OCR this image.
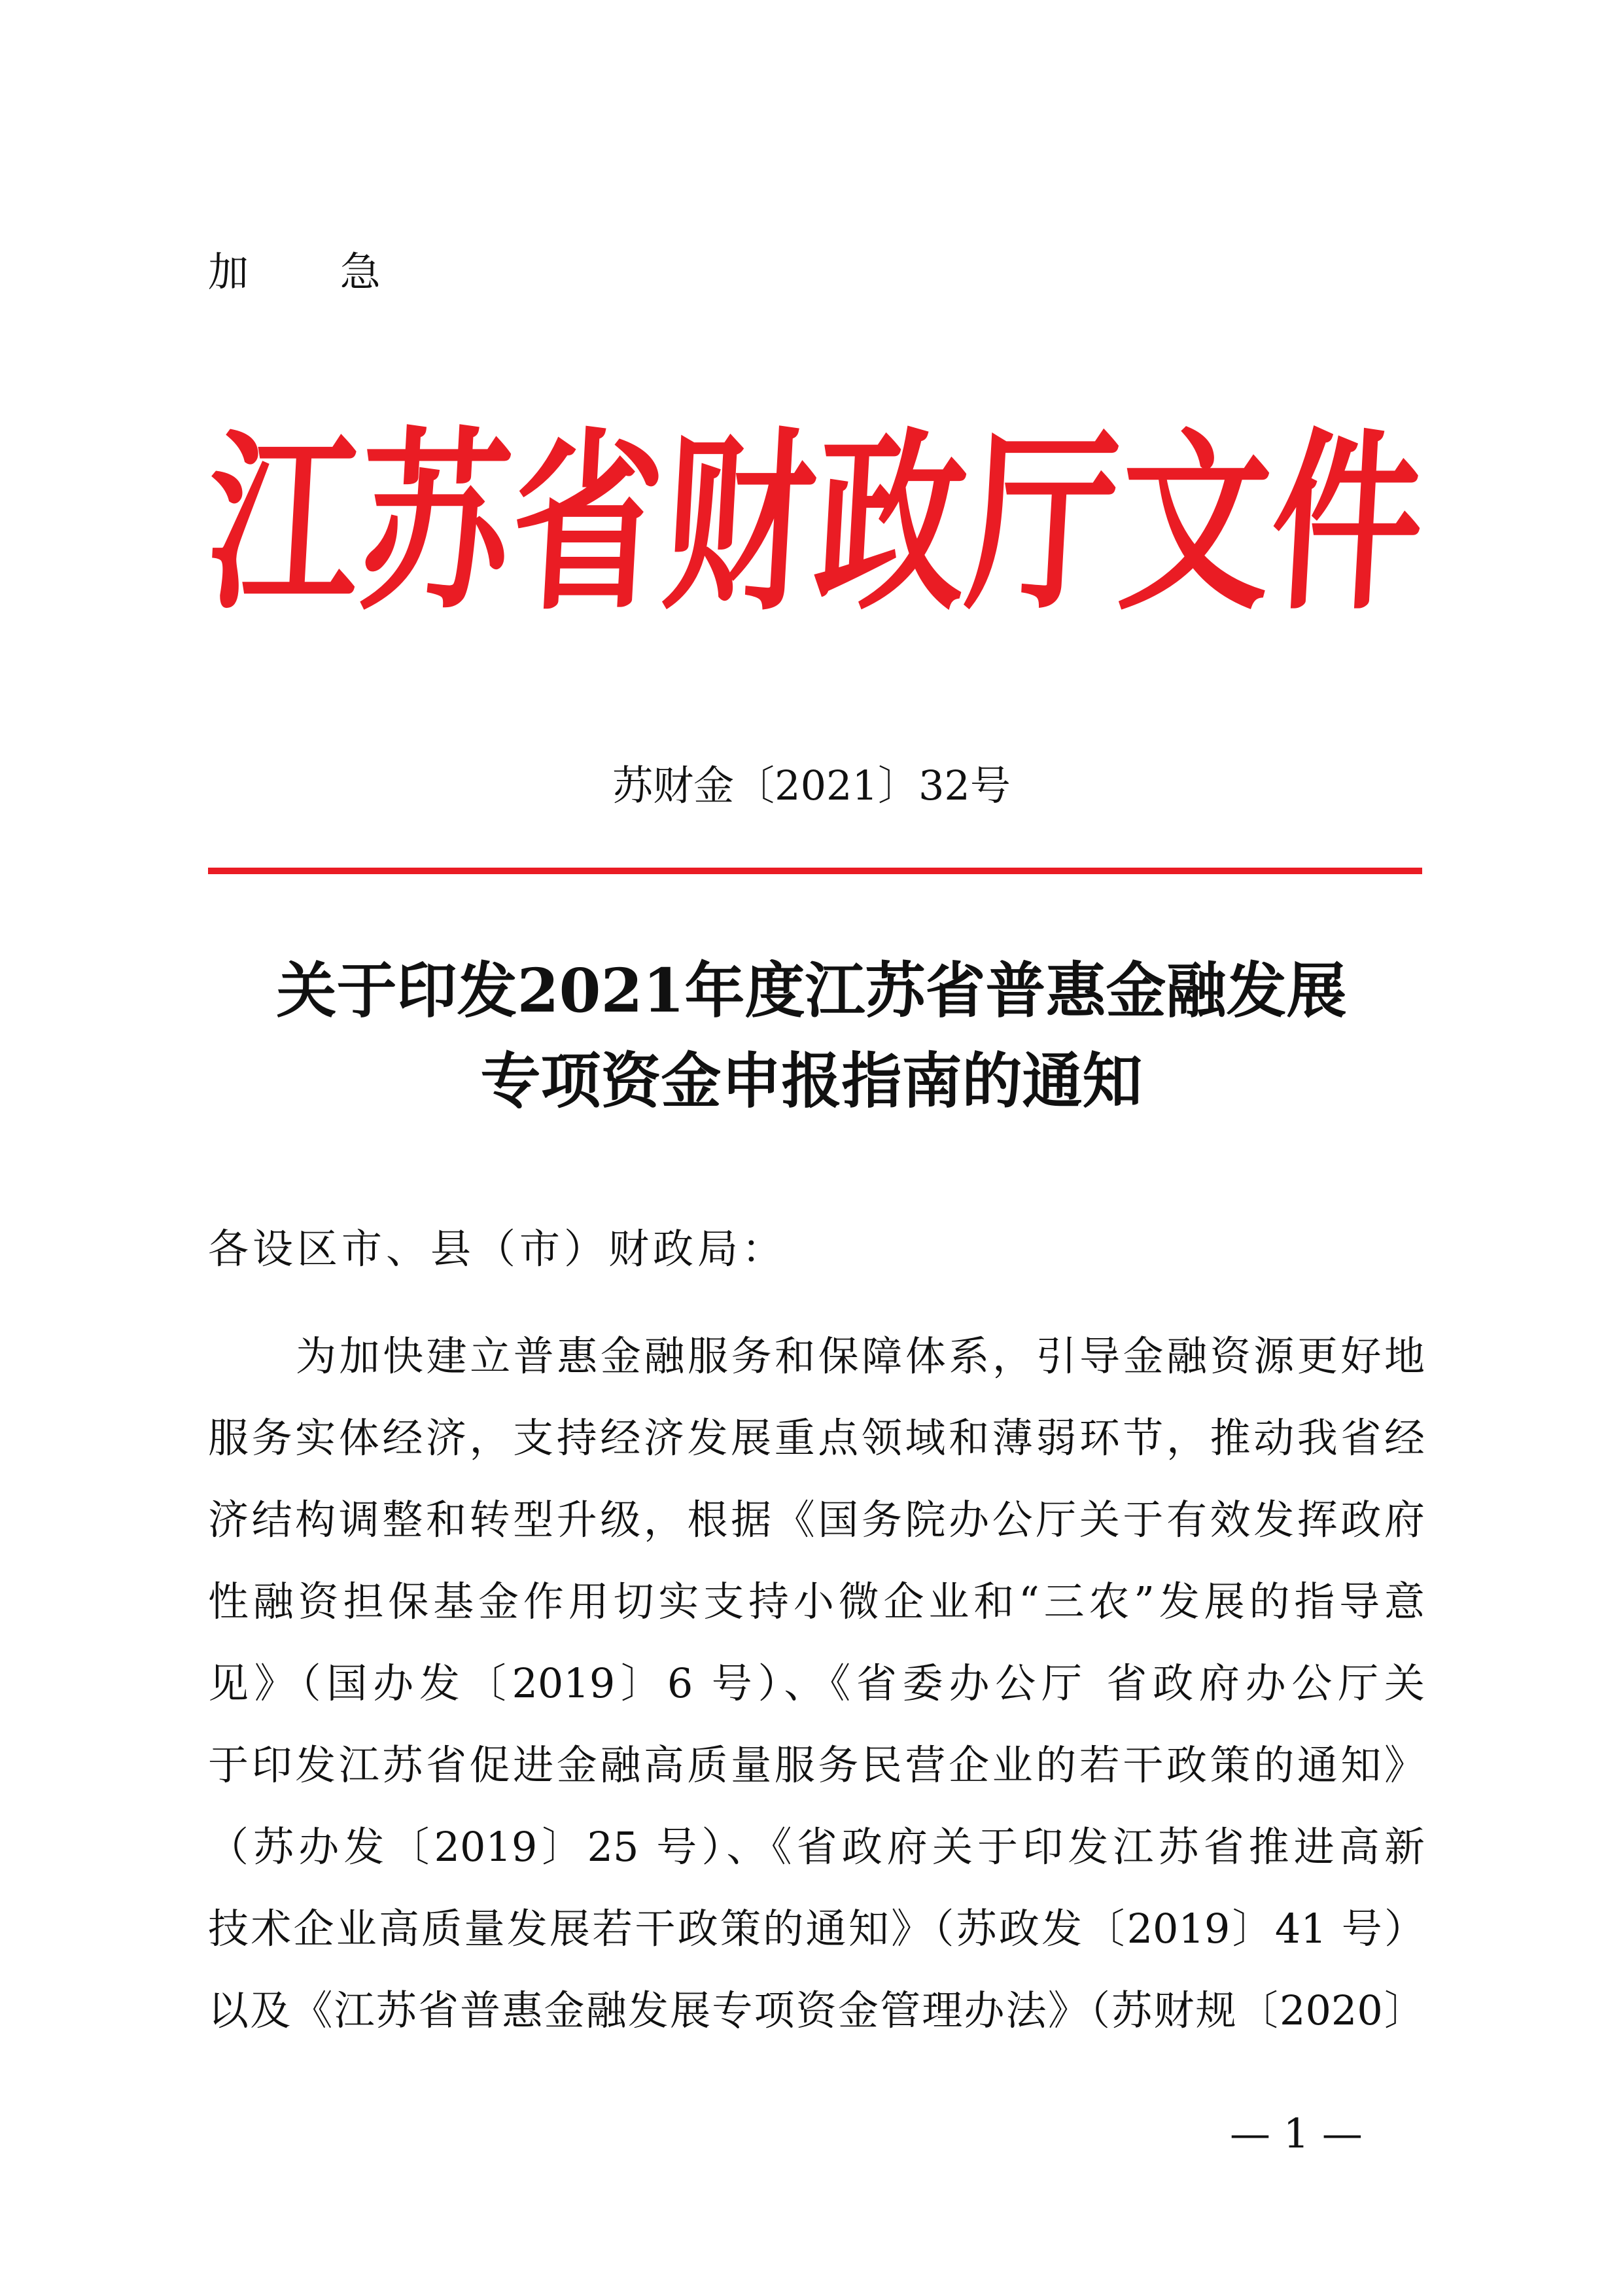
加 急
江
苏
省
财
政
厅
文
件
苏财金〔2021〕32号
关于印发2021年度江苏省普惠金融发展
专项资金申报指南的通知
各设区市、县（市）财政局：
为加快建立普惠金融服务和保障体系，引导金融资源更好地
服务实体经济，支持经济发展重点领域和薄弱环节，推动我省经
济结构调整和转型升级，根据《国务院办公厅关于有效发挥政府
性融资担保基金作用切实支持小微企业和“三农”发展的指导意
见》（国办发〔2019〕6 号）、《省委办公厅 省政府办公厅关
于印发江苏省促进金融高质量服务民营企业的若干政策的通知》
（苏办发〔2019〕25 号）、《省政府关于印发江苏省推进高新
技术企业高质量发展若干政策的通知》（苏政发〔2019〕41 号）
以及《江苏省普惠金融发展专项资金管理办法》（苏财规〔2020〕
— 1 —
